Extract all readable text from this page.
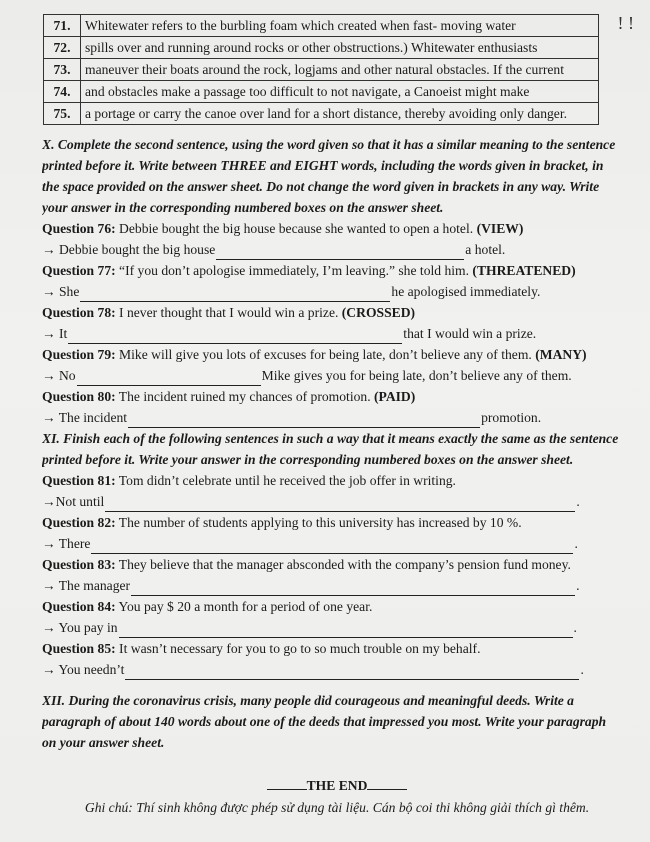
! !
71.	Whitewater refers to the burbling foam which created when fast- moving water
72.	spills over and running around rocks or other obstructions.) Whitewater enthusiasts
73.	maneuver their boats around the rock, logjams and other natural obstacles. If the current
74.	and obstacles make a passage too difficult to not navigate, a Canoeist might make
75.	a portage or carry the canoe over land for a short distance, thereby avoiding only danger.
X. Complete the second sentence, using the word given so that it has a similar meaning to the sentence
printed before it. Write between THREE and EIGHT words, including the words given in bracket, in
the space provided on the answer sheet. Do not change the word given in brackets in any way. Write
your answer in the corresponding numbered boxes on the answer sheet.
Question 76: Debbie bought the big house because she wanted to open a hotel. (VIEW)
→ Debbie bought the big house	a hotel.
Question 77: “If you don’t apologise immediately, I’m leaving.” she told him. (THREATENED)
→ She	he apologised immediately.
Question 78: I never thought that I would win a prize. (CROSSED)
→ It	that I would win a prize.
Question 79: Mike will give you lots of excuses for being late, don’t believe any of them. (MANY)
→ No	Mike gives you for being late, don’t believe any of them.
Question 80: The incident ruined my chances of promotion. (PAID)
→ The incident	promotion.
XI. Finish each of the following sentences in such a way that it means exactly the same as the sentence
printed before it. Write your answer in the corresponding numbered boxes on the answer sheet.
Question 81: Tom didn’t celebrate until he received the job offer in writing.
→Not until	.
Question 82: The number of students applying to this university has increased by 10 %.
→ There	.
Question 83: They believe that the manager absconded with the company’s pension fund money.
→ The manager	.
Question 84: You pay $ 20 a month for a period of one year.
→ You pay in	.
Question 85: It wasn’t necessary for you to go to so much trouble on my behalf.
→ You needn’t	.
XII. During the coronavirus crisis, many people did courageous and meaningful deeds. Write a
paragraph of about 140 words about one of the deeds that impressed you most. Write your paragraph
on your answer sheet.
THE END
Ghi chú: Thí sinh không được phép sử dụng tài liệu. Cán bộ coi thi không giải thích gì thêm.
